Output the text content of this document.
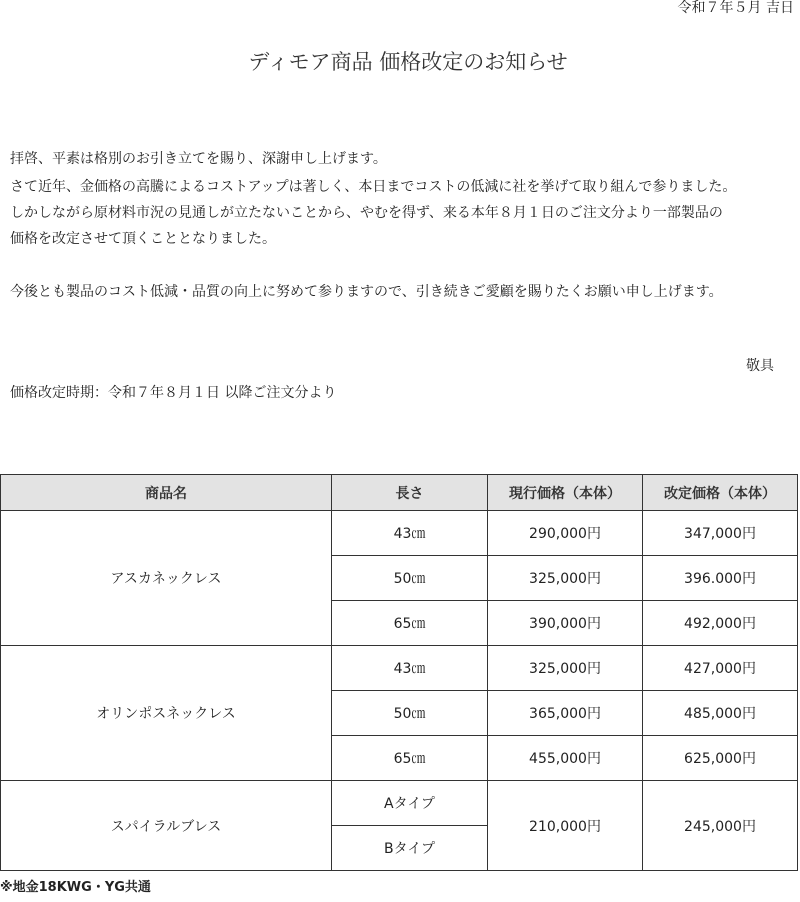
令和７年５月 吉日
ディモア商品 価格改定のお知らせ
拝啓、平素は格別のお引き立てを賜り、深謝申し上げます。
さて近年、金価格の高騰によるコストアップは著しく、本日までコストの低減に社を挙げて取り組んで参りました。
しかしながら原材料市況の見通しが立たないことから、やむを得ず、来る本年８月１日のご注文分より一部製品の
価格を改定させて頂くこととなりました。
今後とも製品のコスト低減・品質の向上に努めて参りますので、引き続きご愛顧を賜りたくお願い申し上げます。
敬具
価格改定時期：令和７年８月１日 以降ご注文分より
商品名	長さ	現行価格（本体）	改定価格（本体）
アスカネックレス	43㎝	290,000円	347,000円
	50㎝	325,000円	396.000円
	65㎝	390,000円	492,000円
オリンポスネックレス	43㎝	325,000円	427,000円
	50㎝	365,000円	485,000円
	65㎝	455,000円	625,000円
スパイラルブレス	Aタイプ	210,000円	245,000円
	Bタイプ		
※地金18KWG・YG共通
